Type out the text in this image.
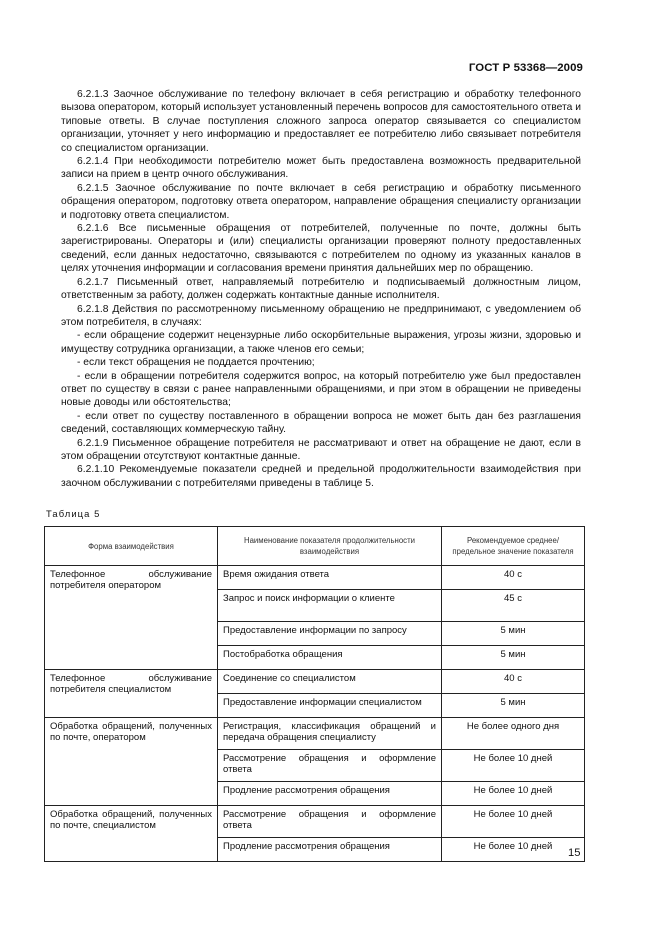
ГОСТ Р 53368—2009

6.2.1.3 Заочное обслуживание по телефону включает в себя регистрацию и обработку телефонного вызова оператором, который использует установленный перечень вопросов для самостоятельного ответа и типовые ответы. В случае поступления сложного запроса оператор связывается со специалистом организации, уточняет у него информацию и предоставляет ее потребителю либо связывает потребителя со специалистом организации.

6.2.1.4 При необходимости потребителю может быть предоставлена возможность предварительной записи на прием в центр очного обслуживания.

6.2.1.5 Заочное обслуживание по почте включает в себя регистрацию и обработку письменного обращения оператором, подготовку ответа оператором, направление обращения специалисту организации и подготовку ответа специалистом.

6.2.1.6 Все письменные обращения от потребителей, полученные по почте, должны быть зарегистрированы. Операторы и (или) специалисты организации проверяют полноту предоставленных сведений, если данных недостаточно, связываются с потребителем по одному из указанных каналов в целях уточнения информации и согласования времени принятия дальнейших мер по обращению.

6.2.1.7 Письменный ответ, направляемый потребителю и подписываемый должностным лицом, ответственным за работу, должен содержать контактные данные исполнителя.

6.2.1.8 Действия по рассмотренному письменному обращению не предпринимают, с уведомлением об этом потребителя, в случаях:

- если обращение содержит нецензурные либо оскорбительные выражения, угрозы жизни, здоровью и имуществу сотрудника организации, а также членов его семьи;

- если текст обращения не поддается прочтению;

- если в обращении потребителя содержится вопрос, на который потребителю уже был предоставлен ответ по существу в связи с ранее направленными обращениями, и при этом в обращении не приведены новые доводы или обстоятельства;

- если ответ по существу поставленного в обращении вопроса не может быть дан без разглашения сведений, составляющих коммерческую тайну.

6.2.1.9 Письменное обращение потребителя не рассматривают и ответ на обращение не дают, если в этом обращении отсутствуют контактные данные.

6.2.1.10 Рекомендуемые показатели средней и предельной продолжительности взаимодействия при заочном обслуживании с потребителями приведены в таблице 5.

Таблица 5
Форма взаимодействия	Наименование показателя продолжительности взаимодействия	Рекомендуемое среднее/предельное значение показателя
Телефонное обслуживание потребителя оператором	Время ожидания ответа	40 с
	Запрос и поиск информации о клиенте	45 с
	Предоставление информации по запросу	5 мин
	Постобработка обращения	5 мин
Телефонное обслуживание потребителя специалистом	Соединение со специалистом	40 с
	Предоставление информации специалистом	5 мин
Обработка обращений, полученных по почте, оператором	Регистрация, классификация обращений и передача обращения специалисту	Не более одного дня
	Рассмотрение обращения и оформление ответа	Не более 10 дней
	Продление рассмотрения обращения	Не более 10 дней
Обработка обращений, полученных по почте, специалистом	Рассмотрение обращения и оформление ответа	Не более 10 дней
	Продление рассмотрения обращения	Не более 10 дней
15
